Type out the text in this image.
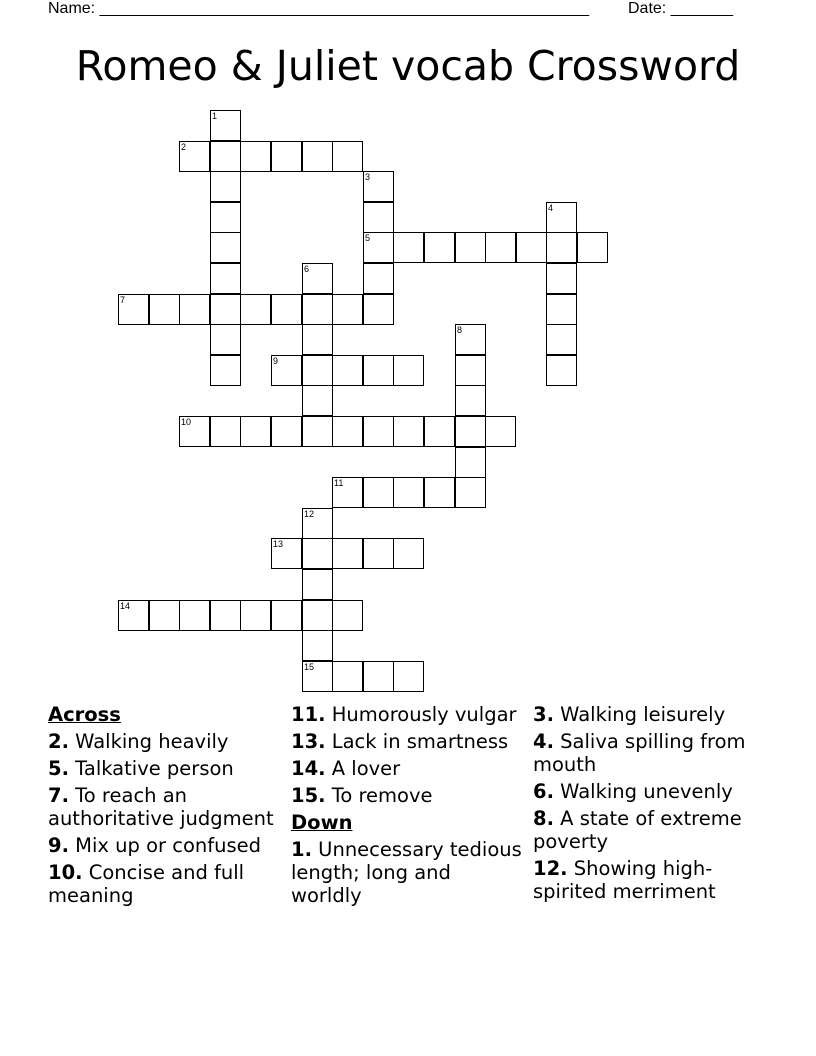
Name: _______________________________________________________ Date: _______
Romeo & Juliet vocab Crossword
2
5
7
9
10
11
13
14
15
1
3
4
6
8
12
Across
2. Walking heavily
5. Talkative person
7. To reach an authoritative judgment
9. Mix up or confused
10. Concise and full meaning
11. Humorously vulgar
13. Lack in smartness
14. A lover
15. To remove
Down
1. Unnecessary tedious length; long and worldly
3. Walking leisurely
4. Saliva spilling from mouth
6. Walking unevenly
8. A state of extreme poverty
12. Showing high-spirited merriment
